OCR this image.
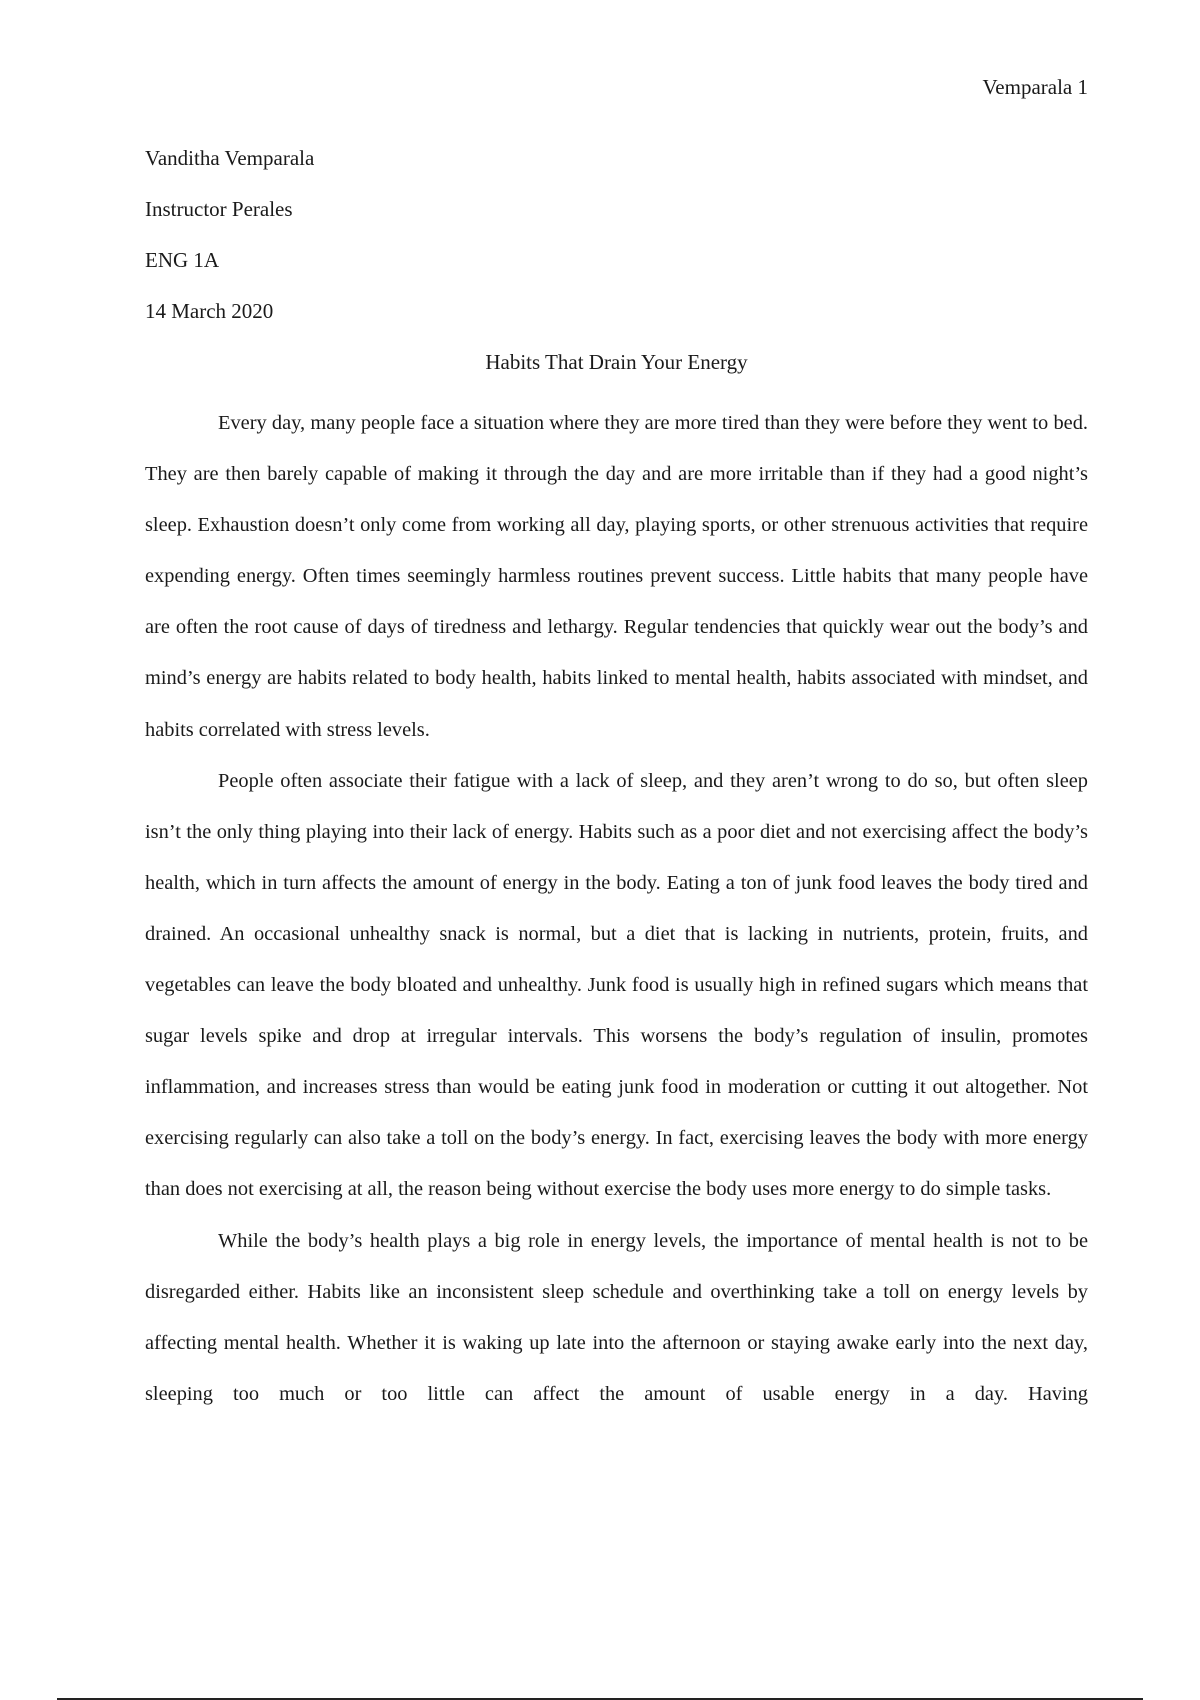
Vemparala 1
Vanditha Vemparala
Instructor Perales
ENG 1A
14 March 2020
Habits That Drain Your Energy

Every day, many people face a situation where they are more tired than they were before they went to bed. They are then barely capable of making it through the day and are more irritable than if they had a good night’s sleep. Exhaustion doesn’t only come from working all day, playing sports, or other strenuous activities that require expending energy. Often times seemingly harmless routines prevent success. Little habits that many people have are often the root cause of days of tiredness and lethargy. Regular tendencies that quickly wear out the body’s and mind’s energy are habits related to body health, habits linked to mental health, habits associated with mindset, and habits correlated with stress levels.

People often associate their fatigue with a lack of sleep, and they aren’t wrong to do so, but often sleep isn’t the only thing playing into their lack of energy. Habits such as a poor diet and not exercising affect the body’s health, which in turn affects the amount of energy in the body. Eating a ton of junk food leaves the body tired and drained. An occasional unhealthy snack is normal, but a diet that is lacking in nutrients, protein, fruits, and vegetables can leave the body bloated and unhealthy. Junk food is usually high in refined sugars which means that sugar levels spike and drop at irregular intervals. This worsens the body’s regulation of insulin, promotes inflammation, and increases stress than would be eating junk food in moderation or cutting it out altogether. Not exercising regularly can also take a toll on the body’s energy. In fact, exercising leaves the body with more energy than does not exercising at all, the reason being without exercise the body uses more energy to do simple tasks.

While the body’s health plays a big role in energy levels, the importance of mental health is not to be disregarded either. Habits like an inconsistent sleep schedule and overthinking take a toll on energy levels by affecting mental health. Whether it is waking up late into the afternoon or staying awake early into the next day, sleeping too much or too little can affect the amount of usable energy in a day. Having
